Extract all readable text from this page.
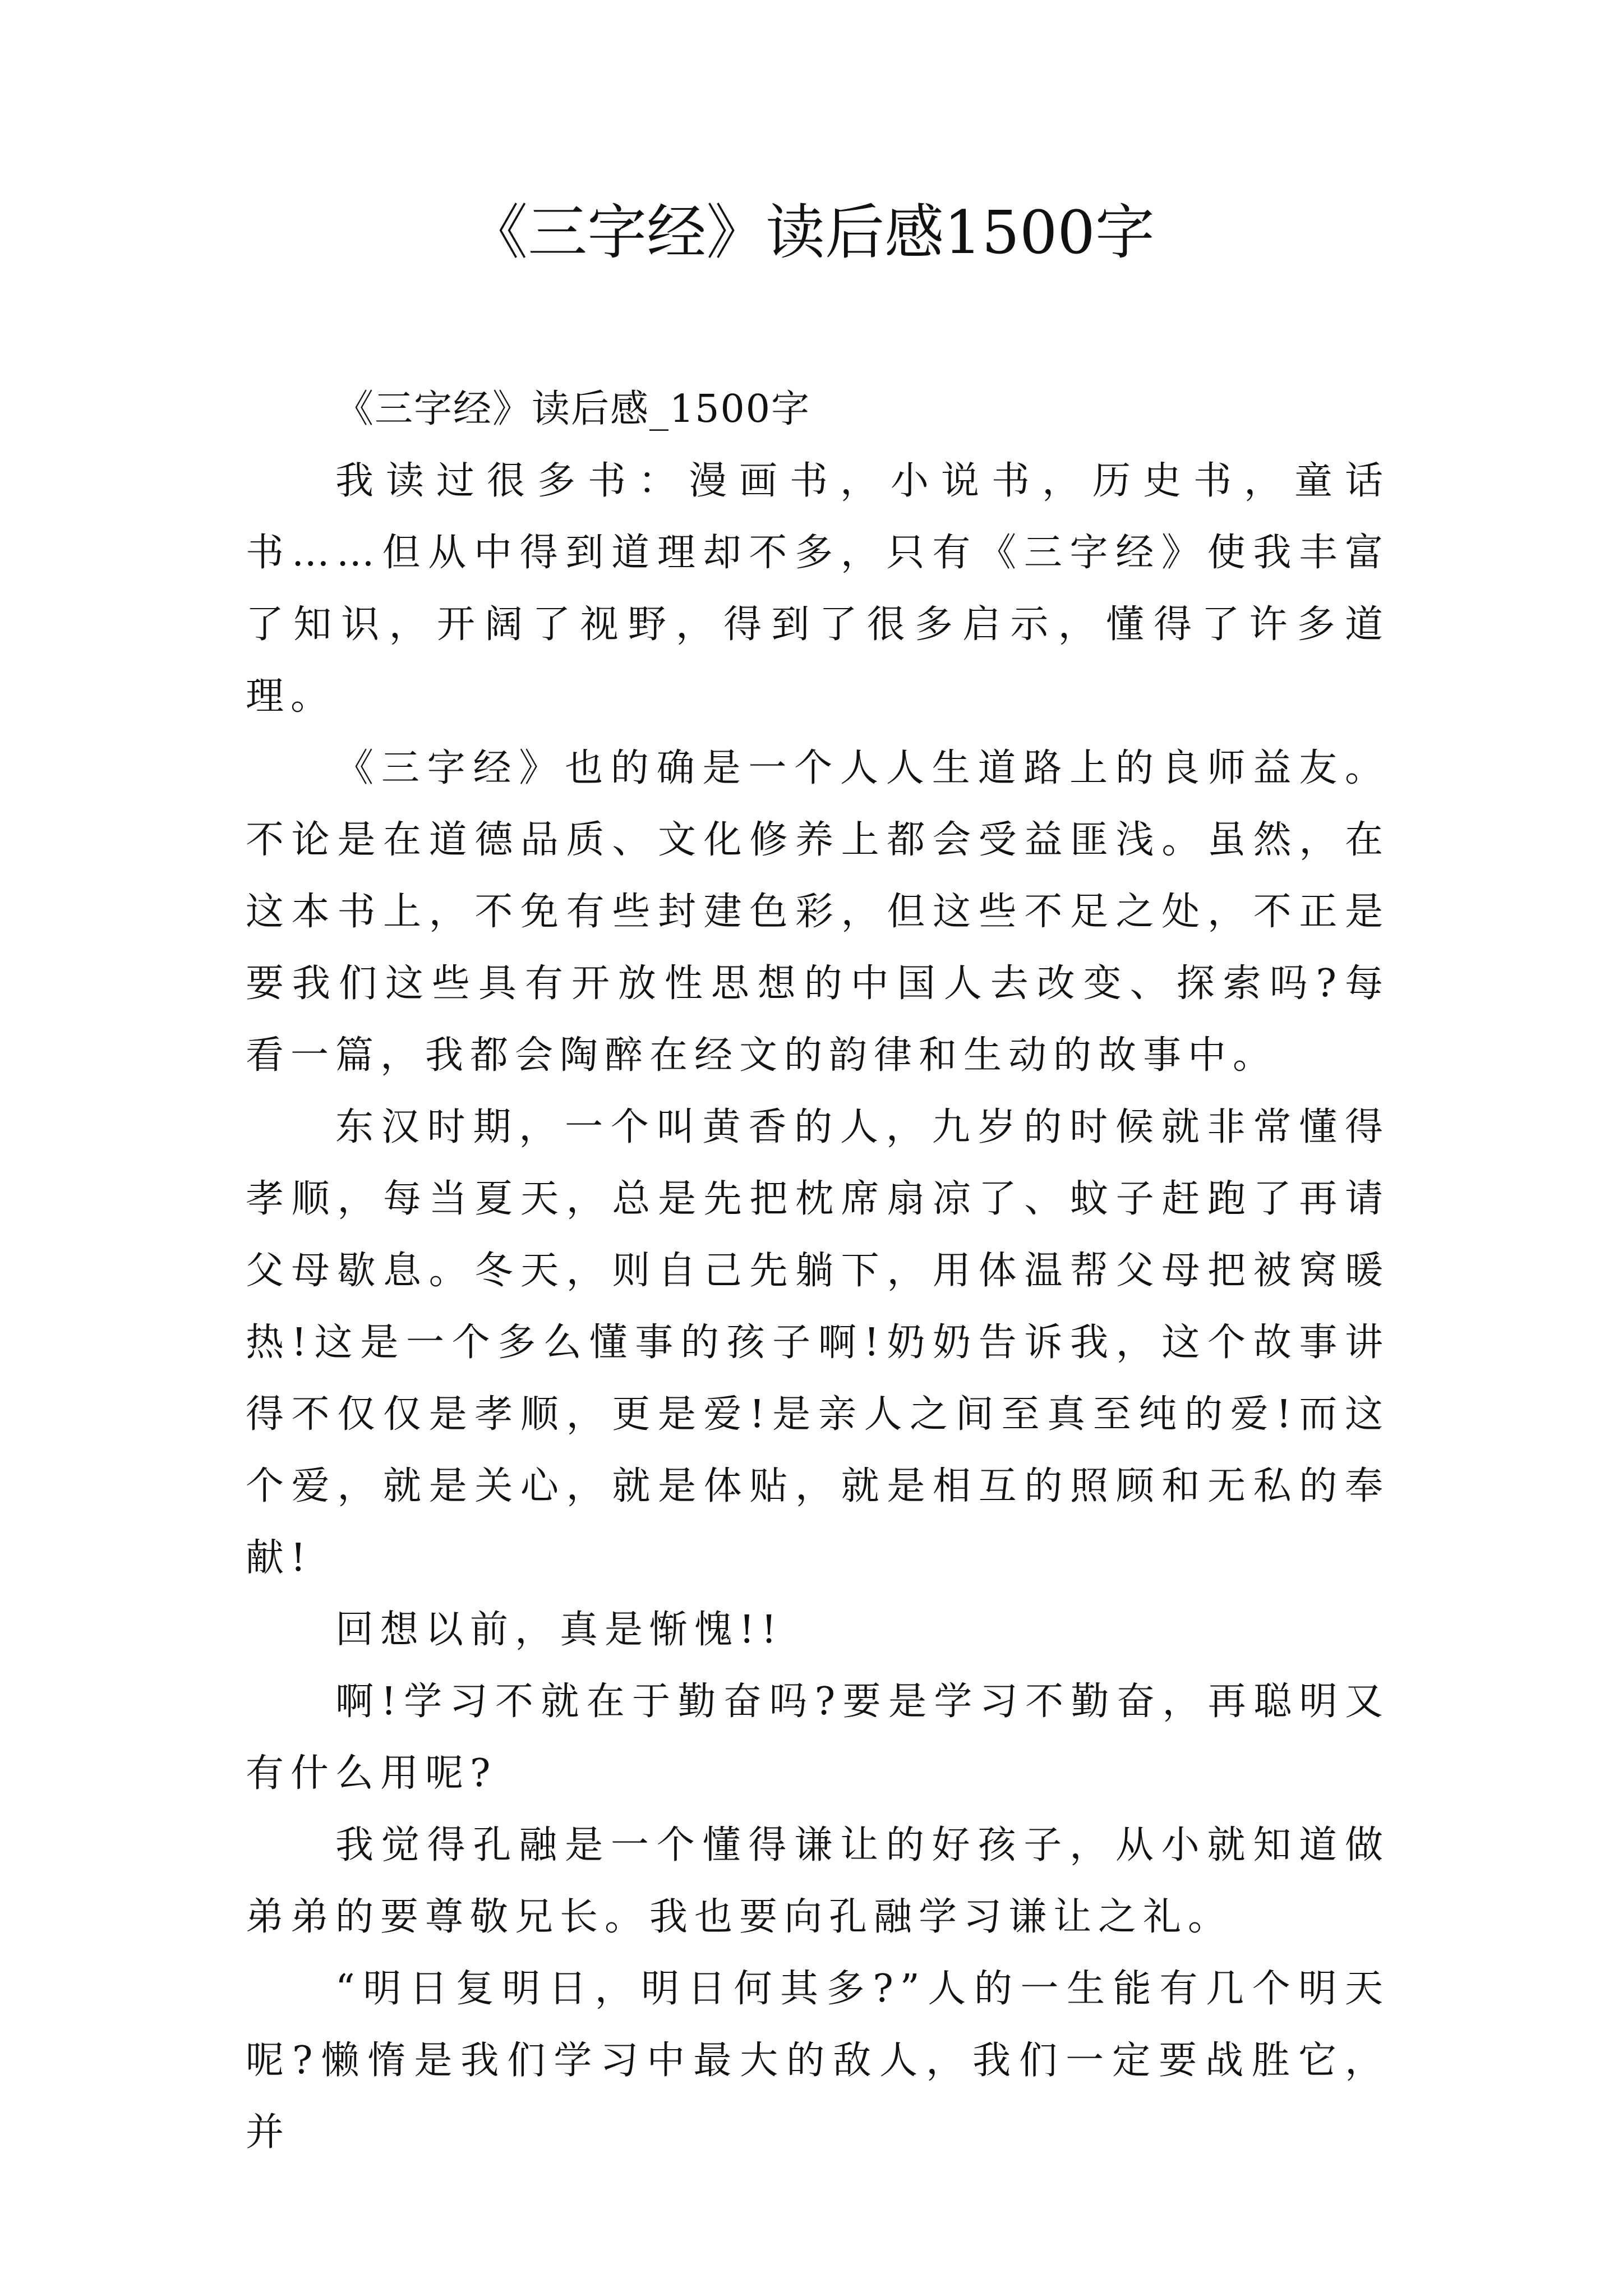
《三字经》读后感1500字

《三字经》读后感_1500字

我读过很多书：漫画书，小说书，历史书，童话书……但从中得到道理却不多，只有《三字经》使我丰富了知识，开阔了视野，得到了很多启示，懂得了许多道理。

《三字经》也的确是一个人人生道路上的良师益友。不论是在道德品质、文化修养上都会受益匪浅。虽然，在这本书上，不免有些封建色彩，但这些不足之处，不正是要我们这些具有开放性思想的中国人去改变、探索吗?每看一篇，我都会陶醉在经文的韵律和生动的故事中。

东汉时期，一个叫黄香的人，九岁的时候就非常懂得孝顺，每当夏天，总是先把枕席扇凉了、蚊子赶跑了再请父母歇息。冬天，则自己先躺下，用体温帮父母把被窝暖热!这是一个多么懂事的孩子啊!奶奶告诉我，这个故事讲得不仅仅是孝顺，更是爱!是亲人之间至真至纯的爱!而这个爱，就是关心，就是体贴，就是相互的照顾和无私的奉献!

回想以前，真是惭愧!!

啊!学习不就在于勤奋吗?要是学习不勤奋，再聪明又有什么用呢?

我觉得孔融是一个懂得谦让的好孩子，从小就知道做弟弟的要尊敬兄长。我也要向孔融学习谦让之礼。

“明日复明日，明日何其多?”人的一生能有几个明天呢?懒惰是我们学习中最大的敌人，我们一定要战胜它，并
